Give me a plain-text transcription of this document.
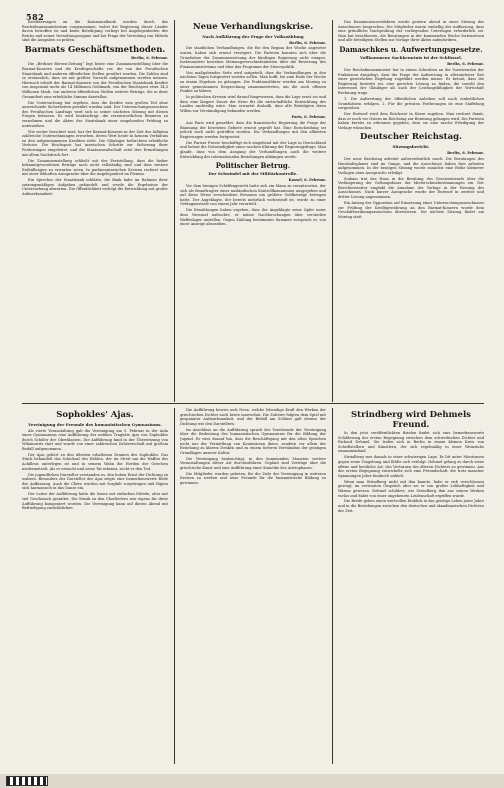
582

Kreditierungen an die Kommunalbank werden durch das Reichsfinanzministerium vorgenommen, wobei die Regierung dieser Länder davon betroffen ist und keine Beteiligung vorliegt bei Angelegenheiten des Reichs und seiner Verwaltungsorgane und bei Frage der Verteilung von Mitteln sind die Ausgaben zu prüfen.

Barmats Geschäftsmethoden.

Berlin, 6. Februar.

Die „Berliner Börsen-Zeitung“ legt heute eine Zusammenstellung über die Barmat-Konzern und die Kreditgeschäfte vor, die von der Preußischen Staatsbank und anderen öffentlichen Stellen gewährt wurden. Die Zahlen sind so erstaunlich, dass sie mit größter Vorsicht aufgenommen werden müssen. Hiernach erhielt der Barmat-Konzern von der Preußischen Staatsbank Kredite von insgesamt mehr als 14 Millionen Goldmark, von der Reichspost etwa 14,5 Millionen Mark, von anderen öffentlichen Stellen weitere Beträge, die in ihrer Gesamtheit eine erhebliche Summe darstellen.

Die Untersuchung hat ergeben, dass die Kredite zum großen Teil ohne ausreichende Sicherheiten gewährt worden sind. Der Untersuchungsausschuss des Preußischen Landtags wird sich in seiner nächsten Sitzung mit diesen Fragen befassen. Es wird beabsichtigt, die verantwortlichen Beamten zu vernehmen und die Akten der Staatsbank einer eingehenden Prüfung zu unterziehen.

Wie weiter berichtet wird, hat der Barmat-Konzern in der Zeit der Inflation zahlreiche Unternehmungen erworben, deren Wert heute in keinem Verhältnis zu den aufgenommenen Krediten steht. Die Gläubiger befürchten erhebliche Verluste. Die Reichspost hat inzwischen Schritte zur Sicherung ihrer Forderungen eingeleitet, und die Staatsanwaltschaft setzt ihre Ermittlungen mit allem Nachdruck fort.

Die Zusammenstellung schließt mit der Feststellung, dass die bisher bekanntgewordenen Beträge noch nicht vollständig sind und dass weitere Enthüllungen zu erwarten seien. In parlamentarischen Kreisen rechnet man mit einer lebhaften Aussprache über die Angelegenheit im Plenum.

Ein Sprecher der Staatsbank erklärte, die Bank habe im Rahmen ihrer satzungsmäßigen Aufgaben gehandelt und werde die Ergebnisse der Untersuchung abwarten. Die Öffentlichkeit verfolgt die Entwicklung mit großer Aufmerksamkeit.

Neue Verhandlungskrise.
Nach Aufklärung der Frage der Volkszählung

Berlin, 6. Februar.

Die staatlichen Verhandlungen, die für den Beginn der Woche angesetzt waren, haben sich erneut verzögert. Die Parteien konnten sich über die Grundsätze der Zusammensetzung der künftigen Regierung nicht einigen. Insbesondere bestehen Meinungsverschiedenheiten über die Besetzung des Finanzministeriums und über das Programm der Steuerpolitik.

Von maßgebender Seite wird mitgeteilt, dass die Verhandlungen in den nächsten Tagen fortgesetzt werden sollen. Man hofft, bis zum Ende der Woche zu einem Ergebnis zu gelangen. Die Fraktionsführer werden am Montag zu einer gemeinsamen Besprechung zusammentreten, um die noch offenen Punkte zu klären.

In politischen Kreisen wird darauf hingewiesen, dass die Lage ernst sei und dass eine längere Dauer der Krise für die wirtschaftliche Entwicklung des Landes nachteilig wäre. Man erwartet deshalb, dass alle Beteiligten ihren Willen zur Verständigung bekunden werden.

Paris, 6. Februar.

Aus Paris wird gemeldet, dass die französische Regierung die Frage der Räumung der besetzten Gebiete erneut geprüft hat. Eine Entscheidung sei jedoch noch nicht getroffen worden. Die Verhandlungen mit den alliierten Regierungen werden fortgesetzt.

Die Pariser Presse beschäftigt sich eingehend mit der Lage in Deutschland und betont die Notwendigkeit einer raschen Klärung der Regierungsfrage. Man glaubt, dass von dem Ausgang der Verhandlungen auch die weitere Entwicklung der internationalen Beziehungen abhängen werde.

Politischer Betrug.
Der Schwindel mit der Militärkontrolle.

Kassel, 6. Februar.

Vor dem hiesigen Schöffengericht hatte sich ein Mann zu verantworten, der sich als Beauftragter einer ausländischen Kontrollkommission ausgegeben und auf diese Weise verschiedene Personen um größere Geldbeträge betrogen hatte. Der Angeklagte, der bereits mehrfach vorbestraft ist, wurde zu einer Gefängnisstrafe von einem Jahr verurteilt.

Die Ermittlungen haben ergeben, dass der Angeklagte seine Opfer unter dem Vorwand aufsuchte, er müsse Nachforschungen über versteckte Waffenlager anstellen. Gegen Zahlung bestimmter Summen versprach er, von einer Anzeige abzusehen.

Das Kommissionsverfahren wurde gestern abend in einer Sitzung des Ausschusses besprochen. Die Mitglieder waren einhellig der Auffassung, dass eine gründliche Nachprüfung der vorliegenden Unterlagen erforderlich sei. Man hat beschlossen, die Beratungen in der kommenden Woche fortzusetzen und alle beteiligten Stellen zur Vorlage ihrer Akten aufzufordern.

Damaschkes u. Aufwertungsgesetze.
Vollkommene Sachkenntnis ist der Schlüssel.

Berlin, 6. Februar.

Der Reichsfinanzminister hat in einem Schreiben an die Vorsitzenden der Fraktionen dargelegt, dass die Frage der Aufwertung in allernächster Zeit einer gesetzlichen Regelung zugeführt werden müsse. Er betont, dass die Regierung bestrebt sei, eine gerechte Lösung zu finden, die sowohl den Interessen der Gläubiger als auch der Leistungsfähigkeit der Wirtschaft Rechnung trage.

1. Die Aufwertung der öffentlichen Anleihen soll nach einheitlichen Grundsätzen erfolgen. 2. Für die privaten Forderungen ist eine Staffelung vorgesehen.

Der Entwurf wird dem Reichsrat in Kürze zugehen. Man rechnet damit, dass er noch vor Ostern im Reichstag zur Beratung gelangen wird. Die Parteien haben bereits zu erkennen gegeben, dass sie eine rasche Erledigung der Vorlage wünschen.

Deutscher Reichstag.
Sitzungsbericht.

Berlin, 6. Februar.

Der neue Reichstag arbeitet außerordentlich rasch. Die Beratungen des Haushaltsplanes sind im Gange, und die Ausschüsse haben ihre Arbeiten aufgenommen. In der heutigen Sitzung wurde zunächst eine Reihe kleinerer Vorlagen ohne Aussprache erledigt.

Sodann trat das Haus in die Beratung des Gesetzentwurfs über die Verlängerung der Geltungsdauer der Mieterschutzbestimmungen ein. Der Berichterstatter empfahl die Annahme der Vorlage in der Fassung des Ausschusses. Nach kurzer Aussprache wurde der Entwurf in zweiter und dritter Lesung angenommen.

Ein Antrag der Opposition auf Einsetzung eines Untersuchungsausschusses zur Prüfung der Kreditgewährung an den Barmat-Konzern wurde dem Geschäftsordnungsausschuss überwiesen. Die nächste Sitzung findet am Montag statt.

Sophokles' Ajas.
Vereinigung der Freunde des humanistischen Gymnasiums.

Als vierte Veranstaltung gab die Vereinigung am 5. Februar in der Aula eines Gymnasiums eine Aufführung der antiken Tragödie Ajas von Sophokles durch Schüler der Oberklassen. Die Aufführung fand in der Übersetzung von Wilamowitz statt und wurde von einer zahlreichen Zuhörerschaft mit großem Beifall aufgenommen.

Der Ajas gehört zu den ältesten erhaltenen Dramen des Sophokles. Das Stück behandelt das Schicksal des Helden, der im Streit um die Waffen des Achilleus unterlegen ist und in seinem Wahn die Herden der Griechen niedermetzelt. Als er erwacht und seine Tat erkennt, sucht er den Tod.

Die jugendlichen Darsteller verstanden es, den hohen Ernst der Dichtung zu wahren. Besonders der Darsteller des Ajas zeigte eine bemerkenswerte Reife der Auffassung. Auch die Chöre wurden mit Sorgfalt vorgetragen und fügten sich harmonisch in das Ganze ein.

Der Leiter der Aufführung hatte die Szene mit einfachen Mitteln, aber mit viel Geschmack gestaltet. Die Musik zu den Chorliedern war eigens für diese Aufführung komponiert worden. Die Vereinigung kann auf diesen Abend mit Befriedigung zurückblicken.

Die Aufführung bewies aufs Neue, welche lebendige Kraft den Werken der griechischen Dichter noch heute innewohnt. Die Zuhörer folgten dem Spiel mit gespannter Aufmerksamkeit, und der Beifall am Schluss galt ebenso der Dichtung wie den Darstellern.

Im Anschluss an die Aufführung sprach der Vorsitzende der Vereinigung über die Bedeutung des humanistischen Gymnasiums für die Bildung der Jugend. Er wies darauf hin, dass die Beschäftigung mit den alten Sprachen nicht nur der Vermittlung von Kenntnissen diene, sondern vor allem der Erziehung zu klarem Denken und zu einem tieferen Verständnis der geistigen Grundlagen unserer Kultur.

Die Vereinigung beabsichtigt, in den kommenden Monaten weitere Veranstaltungen dieser Art durchzuführen. Geplant sind Vorträge über die griechische Kunst und eine Aufführung einer Komödie des Aristophanes.

Die Mitglieder wurden gebeten, für die Ziele der Vereinigung in weiteren Kreisen zu werben und neue Freunde für die humanistische Bildung zu gewinnen.

Strindberg wird Dehmels Freund.

In den jetzt veröffentlichten Briefen findet sich eine bemerkenswerte Schilderung der ersten Begegnung zwischen dem schwedischen Dichter und Richard Dehmel. Sie trafen sich in Berlin in einem kleinen Kreis von Schriftstellern und Künstlern, der sich regelmäßig in einer Weinstube zusammenfand.

Strindberg war damals in einer schwierigen Lage. Er litt unter Misstrauen gegen seine Umgebung und fühlte sich verfolgt. Dehmel gelang es durch seine offene und herzliche Art, das Vertrauen des älteren Dichters zu gewinnen. Aus der ersten Begegnung entwickelte sich eine Freundschaft, die trotz mancher Spannungen Jahre hindurch anhielt.

Wenn man Strindberg nicht mit ihm kannte, habe er sich verschlossen gezeigt; im vertrauten Gespräch aber sei er von großer Lebhaftigkeit und Wärme gewesen. Dehmel schildert, wie Strindberg ihm aus seinen Werken vorlas und dabei von einer ungeheuren Leidenschaft ergriffen wurde.

Die Briefe geben einen wertvollen Einblick in das geistige Leben jener Jahre und in die Beziehungen zwischen den deutschen und skandinavischen Dichtern der Zeit.
